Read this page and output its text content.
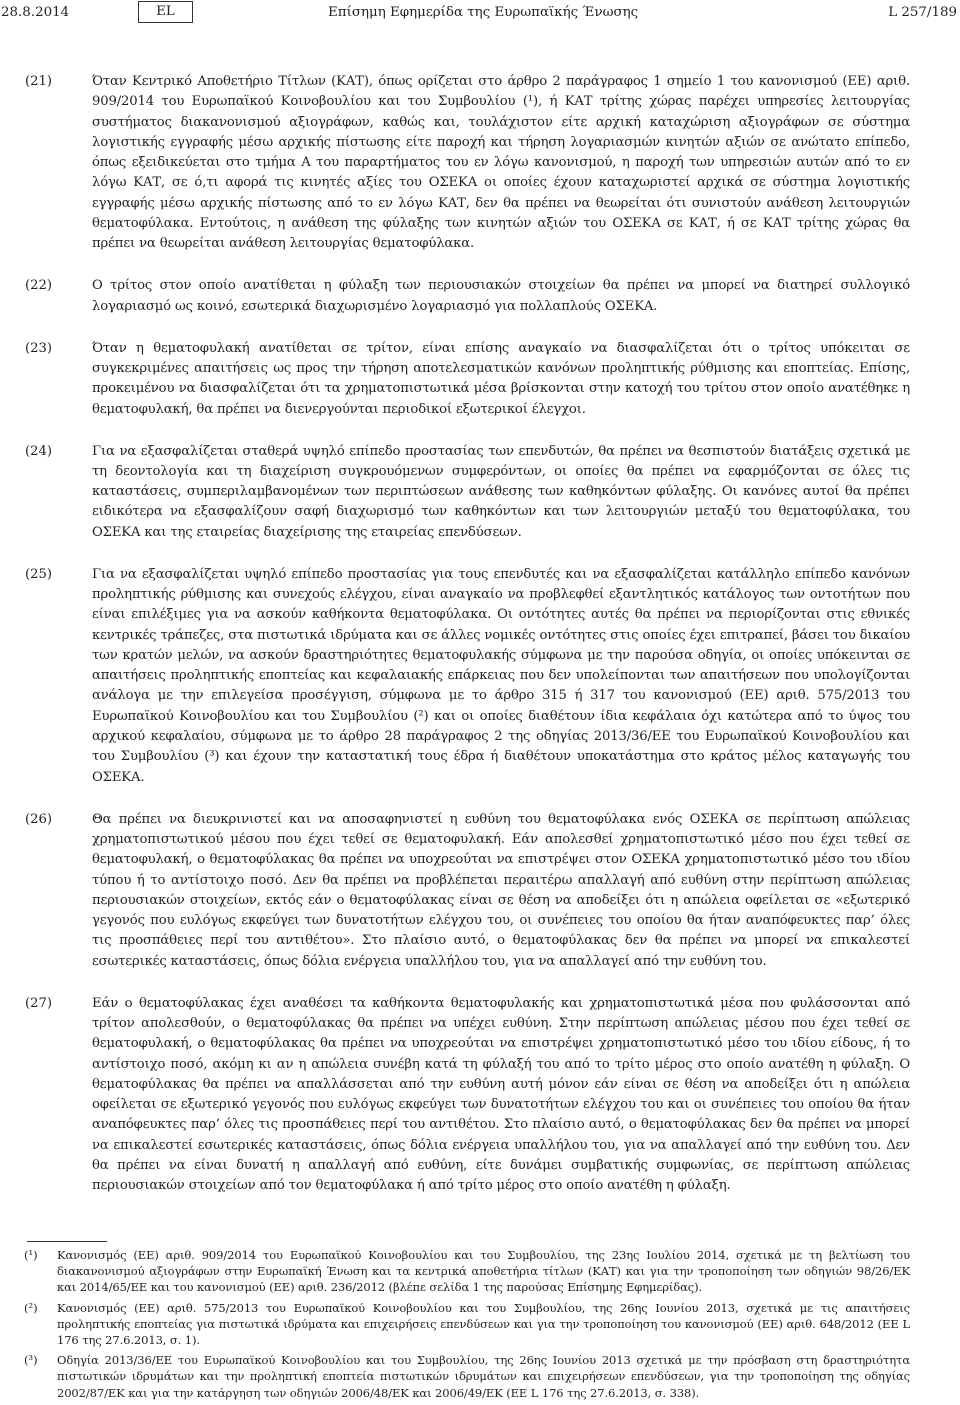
28.8.2014	EL	Επίσημη Εφημερίδα της Ευρωπαϊκής Ένωσης	L 257/189
(21)	Όταν Κεντρικό Αποθετήριο Τίτλων (ΚΑΤ), όπως ορίζεται στο άρθρο 2 παράγραφος 1 σημείο 1 του κανονισμού (ΕΕ) αριθ. 909/2014 του Ευρωπαϊκού Κοινοβουλίου και του Συμβουλίου (¹), ή ΚΑΤ τρίτης χώρας παρέχει υπηρεσίες λειτουργίας συστήματος διακανονισμού αξιογράφων, καθώς και, τουλάχιστον είτε αρχική καταχώριση αξιογράφων σε σύστημα λογιστικής εγγραφής μέσω αρχικής πίστωσης είτε παροχή και τήρηση λογαριασμών κινητών αξιών σε ανώτατο επίπεδο, όπως εξειδικεύεται στο τμήμα Α του παραρτήματος του εν λόγω κανονισμού, η παροχή των υπηρεσιών αυτών από το εν λόγω ΚΑΤ, σε ό,τι αφορά τις κινητές αξίες του ΟΣΕΚΑ οι οποίες έχουν καταχωριστεί αρχικά σε σύστημα λογιστικής εγγραφής μέσω αρχικής πίστωσης από το εν λόγω ΚΑΤ, δεν θα πρέπει να θεωρείται ότι συνιστούν ανάθεση λειτουργιών θεματοφύλακα. Εντούτοις, η ανάθεση της φύλαξης των κινητών αξιών του ΟΣΕΚΑ σε ΚΑΤ, ή σε ΚΑΤ τρίτης χώρας θα πρέπει να θεωρείται ανάθεση λειτουργίας θεματοφύλακα.
(22)	Ο τρίτος στον οποίο ανατίθεται η φύλαξη των περιουσιακών στοιχείων θα πρέπει να μπορεί να διατηρεί συλλογικό λογαριασμό ως κοινό, εσωτερικά διαχωρισμένο λογαριασμό για πολλαπλούς ΟΣΕΚΑ.
(23)	Όταν η θεματοφυλακή ανατίθεται σε τρίτον, είναι επίσης αναγκαίο να διασφαλίζεται ότι ο τρίτος υπόκειται σε συγκεκριμένες απαιτήσεις ως προς την τήρηση αποτελεσματικών κανόνων προληπτικής ρύθμισης και εποπτείας. Επίσης, προκειμένου να διασφαλίζεται ότι τα χρηματοπιστωτικά μέσα βρίσκονται στην κατοχή του τρίτου στον οποίο ανατέθηκε η θεματοφυλακή, θα πρέπει να διενεργούνται περιοδικοί εξωτερικοί έλεγχοι.
(24)	Για να εξασφαλίζεται σταθερά υψηλό επίπεδο προστασίας των επενδυτών, θα πρέπει να θεσπιστούν διατάξεις σχετικά με τη δεοντολογία και τη διαχείριση συγκρουόμενων συμφερόντων, οι οποίες θα πρέπει να εφαρμόζονται σε όλες τις καταστάσεις, συμπεριλαμβανομένων των περιπτώσεων ανάθεσης των καθηκόντων φύλαξης. Οι κανόνες αυτοί θα πρέπει ειδικότερα να εξασφαλίζουν σαφή διαχωρισμό των καθηκόντων και των λειτουργιών μεταξύ του θεματοφύλακα, του ΟΣΕΚΑ και της εταιρείας διαχείρισης της εταιρείας επενδύσεων.
(25)	Για να εξασφαλίζεται υψηλό επίπεδο προστασίας για τους επενδυτές και να εξασφαλίζεται κατάλληλο επίπεδο κανόνων προληπτικής ρύθμισης και συνεχούς ελέγχου, είναι αναγκαίο να προβλεφθεί εξαντλητικός κατάλογος των οντοτήτων που είναι επιλέξιμες για να ασκούν καθήκοντα θεματοφύλακα. Οι οντότητες αυτές θα πρέπει να περιορίζονται στις εθνικές κεντρικές τράπεζες, στα πιστωτικά ιδρύματα και σε άλλες νομικές οντότητες στις οποίες έχει επιτραπεί, βάσει του δικαίου των κρατών μελών, να ασκούν δραστηριότητες θεματοφυλακής σύμφωνα με την παρούσα οδηγία, οι οποίες υπόκεινται σε απαιτήσεις προληπτικής εποπτείας και κεφαλαιακής επάρκειας που δεν υπολείπονται των απαιτήσεων που υπολογίζονται ανάλογα με την επιλεγείσα προσέγγιση, σύμφωνα με το άρθρο 315 ή 317 του κανονισμού (ΕΕ) αριθ. 575/2013 του Ευρωπαϊκού Κοινοβουλίου και του Συμβουλίου (²) και οι οποίες διαθέτουν ίδια κεφάλαια όχι κατώτερα από το ύψος του αρχικού κεφαλαίου, σύμφωνα με το άρθρο 28 παράγραφος 2 της οδηγίας 2013/36/ΕΕ του Ευρωπαϊκού Κοινοβουλίου και του Συμβουλίου (³) και έχουν την καταστατική τους έδρα ή διαθέτουν υποκατάστημα στο κράτος μέλος καταγωγής του ΟΣΕΚΑ.
(26)	Θα πρέπει να διευκρινιστεί και να αποσαφηνιστεί η ευθύνη του θεματοφύλακα ενός ΟΣΕΚΑ σε περίπτωση απώλειας χρηματοπιστωτικού μέσου που έχει τεθεί σε θεματοφυλακή. Εάν απολεσθεί χρηματοπιστωτικό μέσο που έχει τεθεί σε θεματοφυλακή, ο θεματοφύλακας θα πρέπει να υποχρεούται να επιστρέψει στον ΟΣΕΚΑ χρηματοπιστωτικό μέσο του ιδίου τύπου ή το αντίστοιχο ποσό. Δεν θα πρέπει να προβλέπεται περαιτέρω απαλλαγή από ευθύνη στην περίπτωση απώλειας περιουσιακών στοιχείων, εκτός εάν ο θεματοφύλακας είναι σε θέση να αποδείξει ότι η απώλεια οφείλεται σε «εξωτερικό γεγονός που ευλόγως εκφεύγει των δυνατοτήτων ελέγχου του, οι συνέπειες του οποίου θα ήταν αναπόφευκτες παρ’ όλες τις προσπάθειες περί του αντιθέτου». Στο πλαίσιο αυτό, ο θεματοφύλακας δεν θα πρέπει να μπορεί να επικαλεστεί εσωτερικές καταστάσεις, όπως δόλια ενέργεια υπαλλήλου του, για να απαλλαγεί από την ευθύνη του.
(27)	Εάν ο θεματοφύλακας έχει αναθέσει τα καθήκοντα θεματοφυλακής και χρηματοπιστωτικά μέσα που φυλάσσονται από τρίτον απολεσθούν, ο θεματοφύλακας θα πρέπει να υπέχει ευθύνη. Στην περίπτωση απώλειας μέσου που έχει τεθεί σε θεματοφυλακή, ο θεματοφύλακας θα πρέπει να υποχρεούται να επιστρέψει χρηματοπιστωτικό μέσο του ιδίου είδους, ή το αντίστοιχο ποσό, ακόμη κι αν η απώλεια συνέβη κατά τη φύλαξή του από το τρίτο μέρος στο οποίο ανατέθη η φύλαξη. Ο θεματοφύλακας θα πρέπει να απαλλάσσεται από την ευθύνη αυτή μόνον εάν είναι σε θέση να αποδείξει ότι η απώλεια οφείλεται σε εξωτερικό γεγονός που ευλόγως εκφεύγει των δυνατοτήτων ελέγχου του και οι συνέπειες του οποίου θα ήταν αναπόφευκτες παρ’ όλες τις προσπάθειες περί του αντιθέτου. Στο πλαίσιο αυτό, ο θεματοφύλακας δεν θα πρέπει να μπορεί να επικαλεστεί εσωτερικές καταστάσεις, όπως δόλια ενέργεια υπαλλήλου του, για να απαλλαγεί από την ευθύνη του. Δεν θα πρέπει να είναι δυνατή η απαλλαγή από ευθύνη, είτε δυνάμει συμβατικής συμφωνίας, σε περίπτωση απώλειας περιουσιακών στοιχείων από τον θεματοφύλακα ή από τρίτο μέρος στο οποίο ανατέθη η φύλαξη.
(¹) Κανονισμός (ΕΕ) αριθ. 909/2014 του Ευρωπαϊκού Κοινοβουλίου και του Συμβουλίου, της 23ης Ιουλίου 2014, σχετικά με τη βελτίωση του διακανονισμού αξιογράφων στην Ευρωπαϊκή Ένωση και τα κεντρικά αποθετήρια τίτλων (ΚΑΤ) και για την τροποποίηση των οδηγιών 98/26/ΕΚ και 2014/65/ΕΕ και του κανονισμού (ΕΕ) αριθ. 236/2012 (βλέπε σελίδα 1 της παρούσας Επίσημης Εφημερίδας).
(²) Κανονισμός (ΕΕ) αριθ. 575/2013 του Ευρωπαϊκού Κοινοβουλίου και του Συμβουλίου, της 26ης Ιουνίου 2013, σχετικά με τις απαιτήσεις προληπτικής εποπτείας για πιστωτικά ιδρύματα και επιχειρήσεις επενδύσεων και για την τροποποίηση του κανονισμού (ΕΕ) αριθ. 648/2012 (ΕΕ L 176 της 27.6.2013, σ. 1).
(³) Οδηγία 2013/36/ΕΕ του Ευρωπαϊκού Κοινοβουλίου και του Συμβουλίου, της 26ης Ιουνίου 2013 σχετικά με την πρόσβαση στη δραστηριότητα πιστωτικών ιδρυμάτων και την προληπτική εποπτεία πιστωτικών ιδρυμάτων και επιχειρήσεων επενδύσεων, για την τροποποίηση της οδηγίας 2002/87/ΕΚ και για την κατάργηση των οδηγιών 2006/48/ΕΚ και 2006/49/ΕΚ (ΕΕ L 176 της 27.6.2013, σ. 338).
